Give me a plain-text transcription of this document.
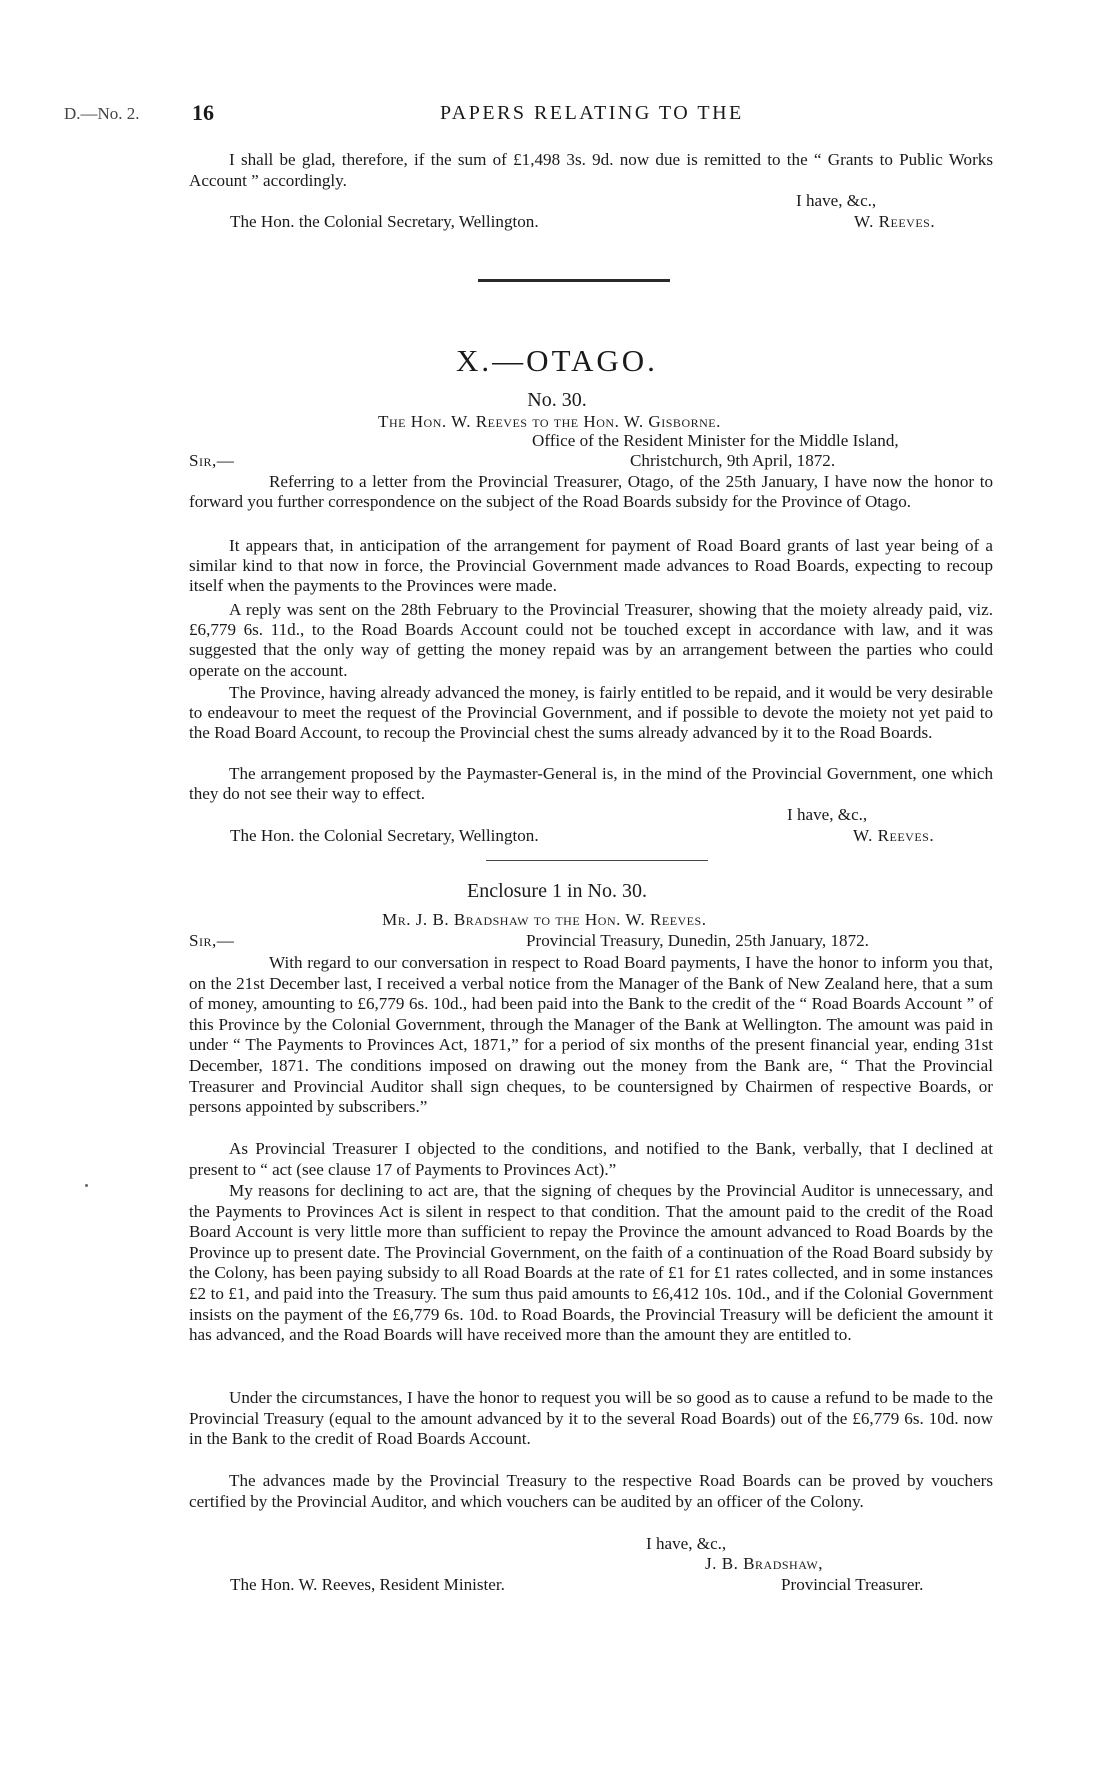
D.—No. 2. 16	PAPERS RELATING TO THE

I shall be glad, therefore, if the sum of £1,498 3s. 9d. now due is remitted to the “ Grants to Public Works Account ” accordingly.

I have, &c.,
The Hon. the Colonial Secretary, Wellington.	W. Reeves.
X.—OTAGO.
No. 30.
The Hon. W. Reeves to the Hon. W. Gisborne.
Office of the Resident Minister for the Middle Island,
Sir,—	Christchurch, 9th April, 1872.

Referring to a letter from the Provincial Treasurer, Otago, of the 25th January, I have now the honor to forward you further correspondence on the subject of the Road Boards subsidy for the Province of Otago.

It appears that, in anticipation of the arrangement for payment of Road Board grants of last year being of a similar kind to that now in force, the Provincial Government made advances to Road Boards, expecting to recoup itself when the payments to the Provinces were made.

A reply was sent on the 28th February to the Provincial Treasurer, showing that the moiety already paid, viz. £6,779 6s. 11d., to the Road Boards Account could not be touched except in accordance with law, and it was suggested that the only way of getting the money repaid was by an arrangement between the parties who could operate on the account.

The Province, having already advanced the money, is fairly entitled to be repaid, and it would be very desirable to endeavour to meet the request of the Provincial Government, and if possible to devote the moiety not yet paid to the Road Board Account, to recoup the Provincial chest the sums already advanced by it to the Road Boards.

The arrangement proposed by the Paymaster-General is, in the mind of the Provincial Government, one which they do not see their way to effect.

I have, &c.,
The Hon. the Colonial Secretary, Wellington.	W. Reeves.
Enclosure 1 in No. 30.
Mr. J. B. Bradshaw to the Hon. W. Reeves.
Sir,—	Provincial Treasury, Dunedin, 25th January, 1872.

With regard to our conversation in respect to Road Board payments, I have the honor to inform you that, on the 21st December last, I received a verbal notice from the Manager of the Bank of New Zealand here, that a sum of money, amounting to £6,779 6s. 10d., had been paid into the Bank to the credit of the “ Road Boards Account ” of this Province by the Colonial Government, through the Manager of the Bank at Wellington. The amount was paid in under “ The Payments to Provinces Act, 1871,” for a period of six months of the present financial year, ending 31st December, 1871. The conditions imposed on drawing out the money from the Bank are, “ That the Provincial Treasurer and Provincial Auditor shall sign cheques, to be countersigned by Chairmen of respective Boards, or persons appointed by subscribers.”

As Provincial Treasurer I objected to the conditions, and notified to the Bank, verbally, that I declined at present to “ act (see clause 17 of Payments to Provinces Act).”

My reasons for declining to act are, that the signing of cheques by the Provincial Auditor is unnecessary, and the Payments to Provinces Act is silent in respect to that condition. That the amount paid to the credit of the Road Board Account is very little more than sufficient to repay the Province the amount advanced to Road Boards by the Province up to present date. The Provincial Government, on the faith of a continuation of the Road Board subsidy by the Colony, has been paying subsidy to all Road Boards at the rate of £1 for £1 rates collected, and in some instances £2 to £1, and paid into the Treasury. The sum thus paid amounts to £6,412 10s. 10d., and if the Colonial Government insists on the payment of the £6,779 6s. 10d. to Road Boards, the Provincial Treasury will be deficient the amount it has advanced, and the Road Boards will have received more than the amount they are entitled to.

Under the circumstances, I have the honor to request you will be so good as to cause a refund to be made to the Provincial Treasury (equal to the amount advanced by it to the several Road Boards) out of the £6,779 6s. 10d. now in the Bank to the credit of Road Boards Account.

The advances made by the Provincial Treasury to the respective Road Boards can be proved by vouchers certified by the Provincial Auditor, and which vouchers can be audited by an officer of the Colony.

I have, &c.,
J. B. Bradshaw,
The Hon. W. Reeves, Resident Minister.	Provincial Treasurer.
